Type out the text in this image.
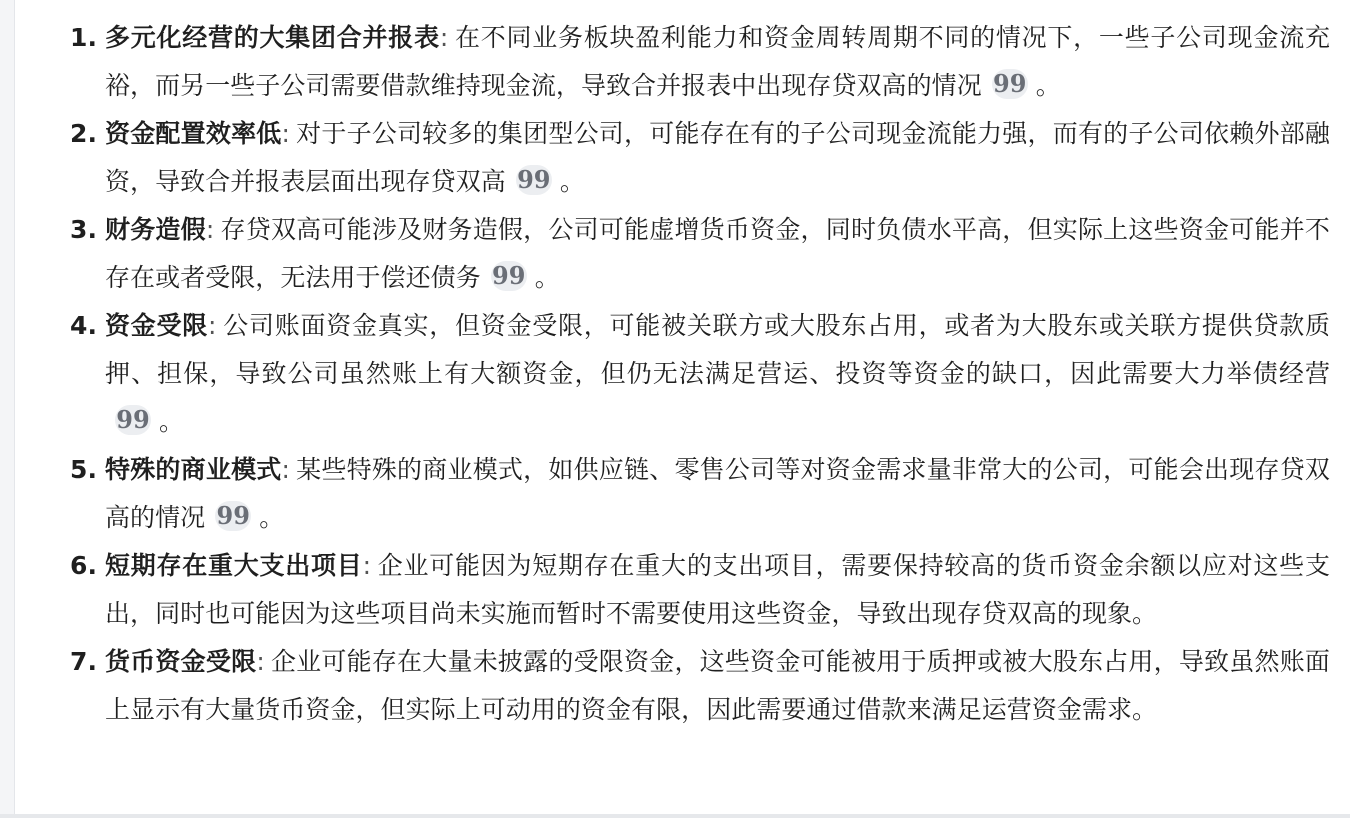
1. 多元化经营的大集团合并报表: 在不同业务板块盈利能力和资金周转周期不同的情况下，一些子公司现金流充裕，而另一些子公司需要借款维持现金流，导致合并报表中出现存贷双高的情况 99 。
2. 资金配置效率低: 对于子公司较多的集团型公司，可能存在有的子公司现金流能力强，而有的子公司依赖外部融资，导致合并报表层面出现存贷双高 99 。
3. 财务造假: 存贷双高可能涉及财务造假，公司可能虚增货币资金，同时负债水平高，但实际上这些资金可能并不存在或者受限，无法用于偿还债务 99 。
4. 资金受限: 公司账面资金真实，但资金受限，可能被关联方或大股东占用，或者为大股东或关联方提供贷款质押、担保，导致公司虽然账上有大额资金，但仍无法满足营运、投资等资金的缺口，因此需要大力举债经营99 。
5. 特殊的商业模式: 某些特殊的商业模式，如供应链、零售公司等对资金需求量非常大的公司，可能会出现存贷双高的情况 99 。
6. 短期存在重大支出项目: 企业可能因为短期存在重大的支出项目，需要保持较高的货币资金余额以应对这些支出，同时也可能因为这些项目尚未实施而暂时不需要使用这些资金，导致出现存贷双高的现象。
7. 货币资金受限: 企业可能存在大量未披露的受限资金，这些资金可能被用于质押或被大股东占用，导致虽然账面上显示有大量货币资金，但实际上可动用的资金有限，因此需要通过借款来满足运营资金需求。
